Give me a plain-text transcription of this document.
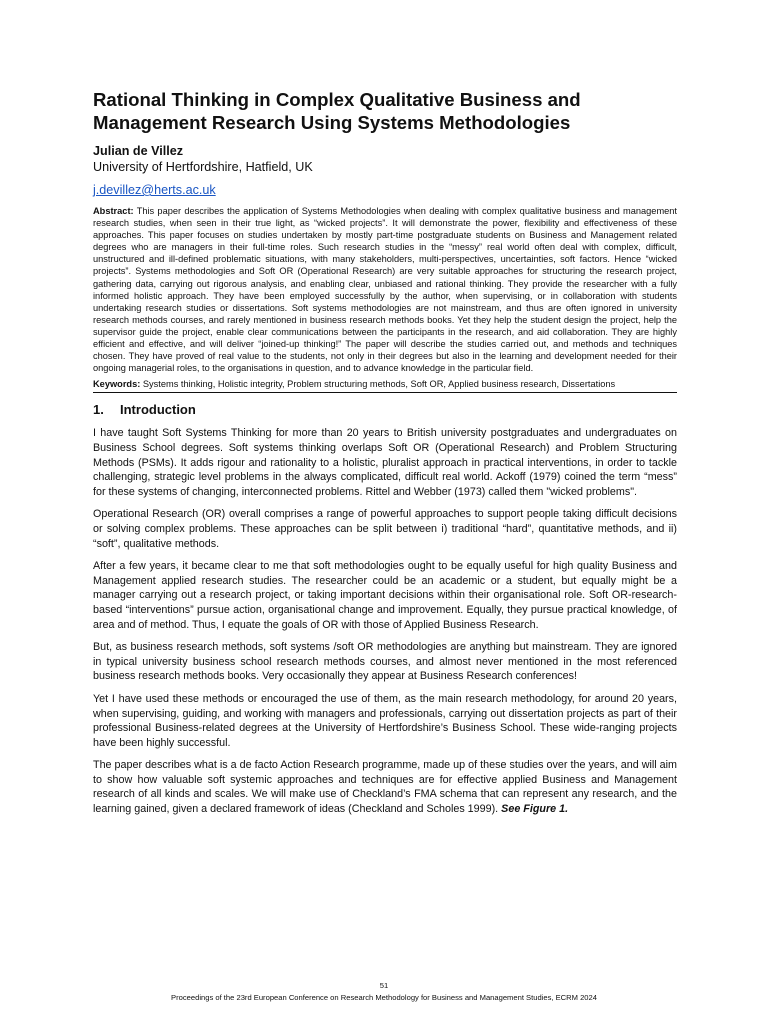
Rational Thinking in Complex Qualitative Business and
Management Research Using Systems Methodologies
Julian de Villez
University of Hertfordshire, Hatfield, UK
j.devillez@herts.ac.uk
Abstract: This paper describes the application of Systems Methodologies when dealing with complex qualitative business and management research studies, when seen in their true light, as “wicked projects”. It will demonstrate the power, flexibility and effectiveness of these approaches. This paper focuses on studies undertaken by mostly part-time postgraduate students on Business and Management related degrees who are managers in their full-time roles. Such research studies in the “messy” real world often deal with complex, difficult, unstructured and ill-defined problematic situations, with many stakeholders, multi-perspectives, uncertainties, soft factors. Hence “wicked projects”. Systems methodologies and Soft OR (Operational Research) are very suitable approaches for structuring the research project, gathering data, carrying out rigorous analysis, and enabling clear, unbiased and rational thinking. They provide the researcher with a fully informed holistic approach. They have been employed successfully by the author, when supervising, or in collaboration with students undertaking research studies or dissertations. Soft systems methodologies are not mainstream, and thus are often ignored in university research methods courses, and rarely mentioned in business research methods books. Yet they help the student design the project, help the supervisor guide the project, enable clear communications between the participants in the research, and aid collaboration. They are highly efficient and effective, and will deliver “joined-up thinking!” The paper will describe the studies carried out, and methods and techniques chosen. They have proved of real value to the students, not only in their degrees but also in the learning and development needed for their ongoing managerial roles, to the organisations in question, and to advance knowledge in the particular field.
Keywords: Systems thinking, Holistic integrity, Problem structuring methods, Soft OR, Applied business research, Dissertations
1. Introduction

I have taught Soft Systems Thinking for more than 20 years to British university postgraduates and undergraduates on Business School degrees. Soft systems thinking overlaps Soft OR (Operational Research) and Problem Structuring Methods (PSMs). It adds rigour and rationality to a holistic, pluralist approach in practical interventions, in order to tackle challenging, strategic level problems in the always complicated, difficult real world. Ackoff (1979) coined the term “mess” for these systems of changing, interconnected problems. Rittel and Webber (1973) called them "wicked problems".

Operational Research (OR) overall comprises a range of powerful approaches to support people taking difficult decisions or solving complex problems. These approaches can be split between i) traditional “hard”, quantitative methods, and ii) “soft”, qualitative methods.

After a few years, it became clear to me that soft methodologies ought to be equally useful for high quality Business and Management applied research studies. The researcher could be an academic or a student, but equally might be a manager carrying out a research project, or taking important decisions within their organisational role. Soft OR-research-based “interventions” pursue action, organisational change and improvement. Equally, they pursue practical knowledge, of area and of method. Thus, I equate the goals of OR with those of Applied Business Research.

But, as business research methods, soft systems /soft OR methodologies are anything but mainstream. They are ignored in typical university business school research methods courses, and almost never mentioned in the most referenced business research methods books. Very occasionally they appear at Business Research conferences!

Yet I have used these methods or encouraged the use of them, as the main research methodology, for around 20 years, when supervising, guiding, and working with managers and professionals, carrying out dissertation projects as part of their professional Business-related degrees at the University of Hertfordshire’s Business School. These wide-ranging projects have been highly successful.

The paper describes what is a de facto Action Research programme, made up of these studies over the years, and will aim to show how valuable soft systemic approaches and techniques are for effective applied Business and Management research of all kinds and scales. We will make use of Checkland’s FMA schema that can represent any research, and the learning gained, given a declared framework of ideas (Checkland and Scholes 1999). See Figure 1.

51
Proceedings of the 23rd European Conference on Research Methodology for Business and Management Studies, ECRM 2024
